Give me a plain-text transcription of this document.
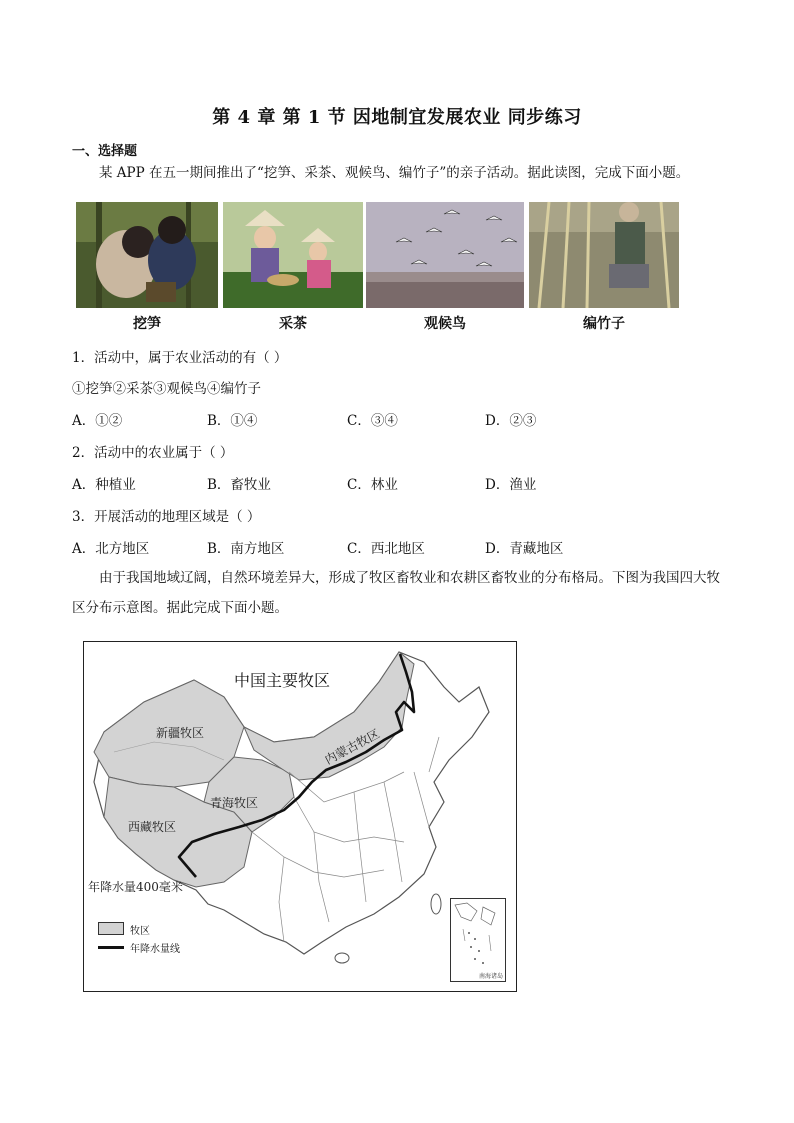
第 4 章 第 1 节 因地制宜发展农业 同步练习
一、选择题
某 APP 在五一期间推出了“挖笋、采茶、观候鸟、编竹子”的亲子活动。据此读图，完成下面小题。
挖笋	采茶	观候鸟	编竹子
1．活动中，属于农业活动的有（ ）
①挖笋②采茶③观候鸟④编竹子
A．①②	B．①④	C．③④	D．②③
2．活动中的农业属于（ ）
A．种植业	B．畜牧业	C．林业	D．渔业
3．开展活动的地理区域是（ ）
A．北方地区	B．南方地区	C．西北地区	D．青藏地区
由于我国地域辽阔，自然环境差异大，形成了牧区畜牧业和农耕区畜牧业的分布格局。下图为我国四大牧区分布示意图。据此完成下面小题。
中国主要牧区
新疆牧区	内蒙古牧区
青海牧区
西藏牧区
年降水量400毫米
牧区
年降水量线
南海诸岛
